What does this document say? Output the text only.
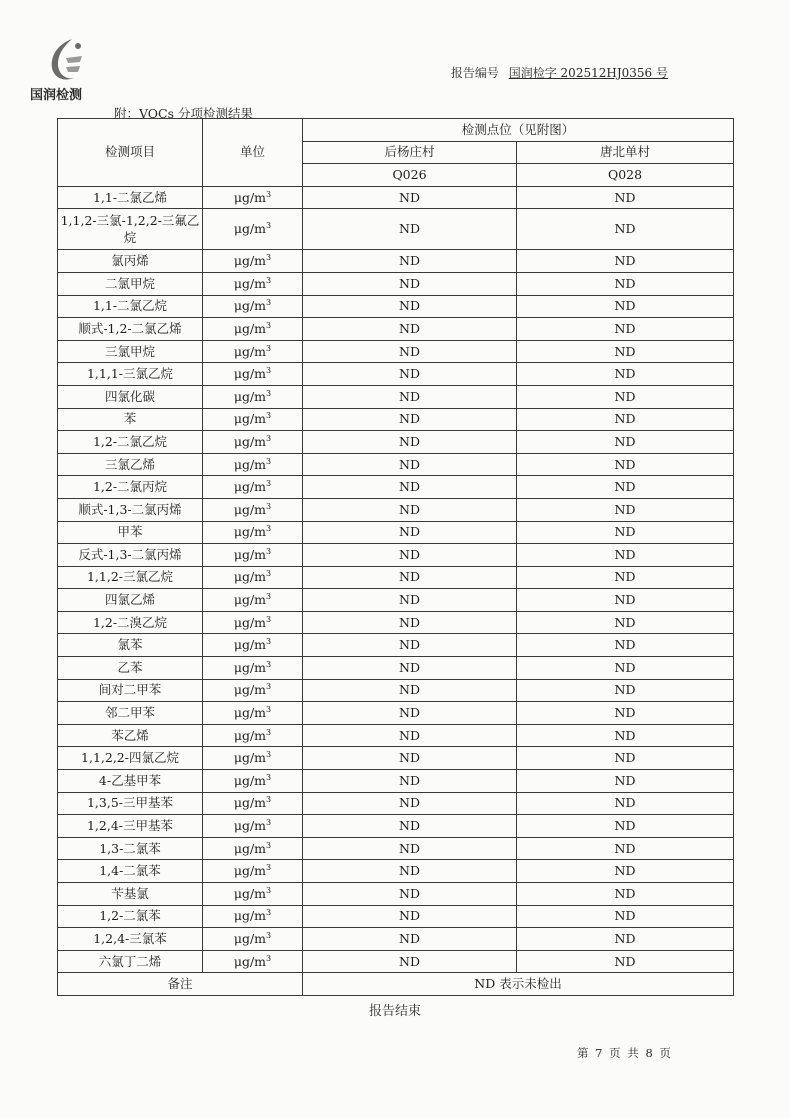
国润检测
报告编号 国润检字 202512HJ0356 号
附：VOCs 分项检测结果
检测项目	单位	检测点位（见附图）	
		后杨庄村	唐北单村
		Q026	Q028
1,1-二氯乙烯	$\mu g/m^3$	ND	ND
1,1,2-三氯-1,2,2-三氟乙烷	$\mu g/m^3$	ND	ND
氯丙烯	$\mu g/m^3$	ND	ND
二氯甲烷	$\mu g/m^3$	ND	ND
1,1-二氯乙烷	$\mu g/m^3$	ND	ND
顺式-1,2-二氯乙烯	$\mu g/m^3$	ND	ND
三氯甲烷	$\mu g/m^3$	ND	ND
1,1,1-三氯乙烷	$\mu g/m^3$	ND	ND
四氯化碳	$\mu g/m^3$	ND	ND
苯	$\mu g/m^3$	ND	ND
1,2-二氯乙烷	$\mu g/m^3$	ND	ND
三氯乙烯	$\mu g/m^3$	ND	ND
1,2-二氯丙烷	$\mu g/m^3$	ND	ND
顺式-1,3-二氯丙烯	$\mu g/m^3$	ND	ND
甲苯	$\mu g/m^3$	ND	ND
反式-1,3-二氯丙烯	$\mu g/m^3$	ND	ND
1,1,2-三氯乙烷	$\mu g/m^3$	ND	ND
四氯乙烯	$\mu g/m^3$	ND	ND
1,2-二溴乙烷	$\mu g/m^3$	ND	ND
氯苯	$\mu g/m^3$	ND	ND
乙苯	$\mu g/m^3$	ND	ND
间对二甲苯	$\mu g/m^3$	ND	ND
邻二甲苯	$\mu g/m^3$	ND	ND
苯乙烯	$\mu g/m^3$	ND	ND
1,1,2,2-四氯乙烷	$\mu g/m^3$	ND	ND
4-乙基甲苯	$\mu g/m^3$	ND	ND
1,3,5-三甲基苯	$\mu g/m^3$	ND	ND
1,2,4-三甲基苯	$\mu g/m^3$	ND	ND
1,3-二氯苯	$\mu g/m^3$	ND	ND
1,4-二氯苯	$\mu g/m^3$	ND	ND
苄基氯	$\mu g/m^3$	ND	ND
1,2-二氯苯	$\mu g/m^3$	ND	ND
1,2,4-三氯苯	$\mu g/m^3$	ND	ND
六氯丁二烯	$\mu g/m^3$	ND	ND
备注		ND 表示未检出	
报告结束
第 7 页 共 8 页
